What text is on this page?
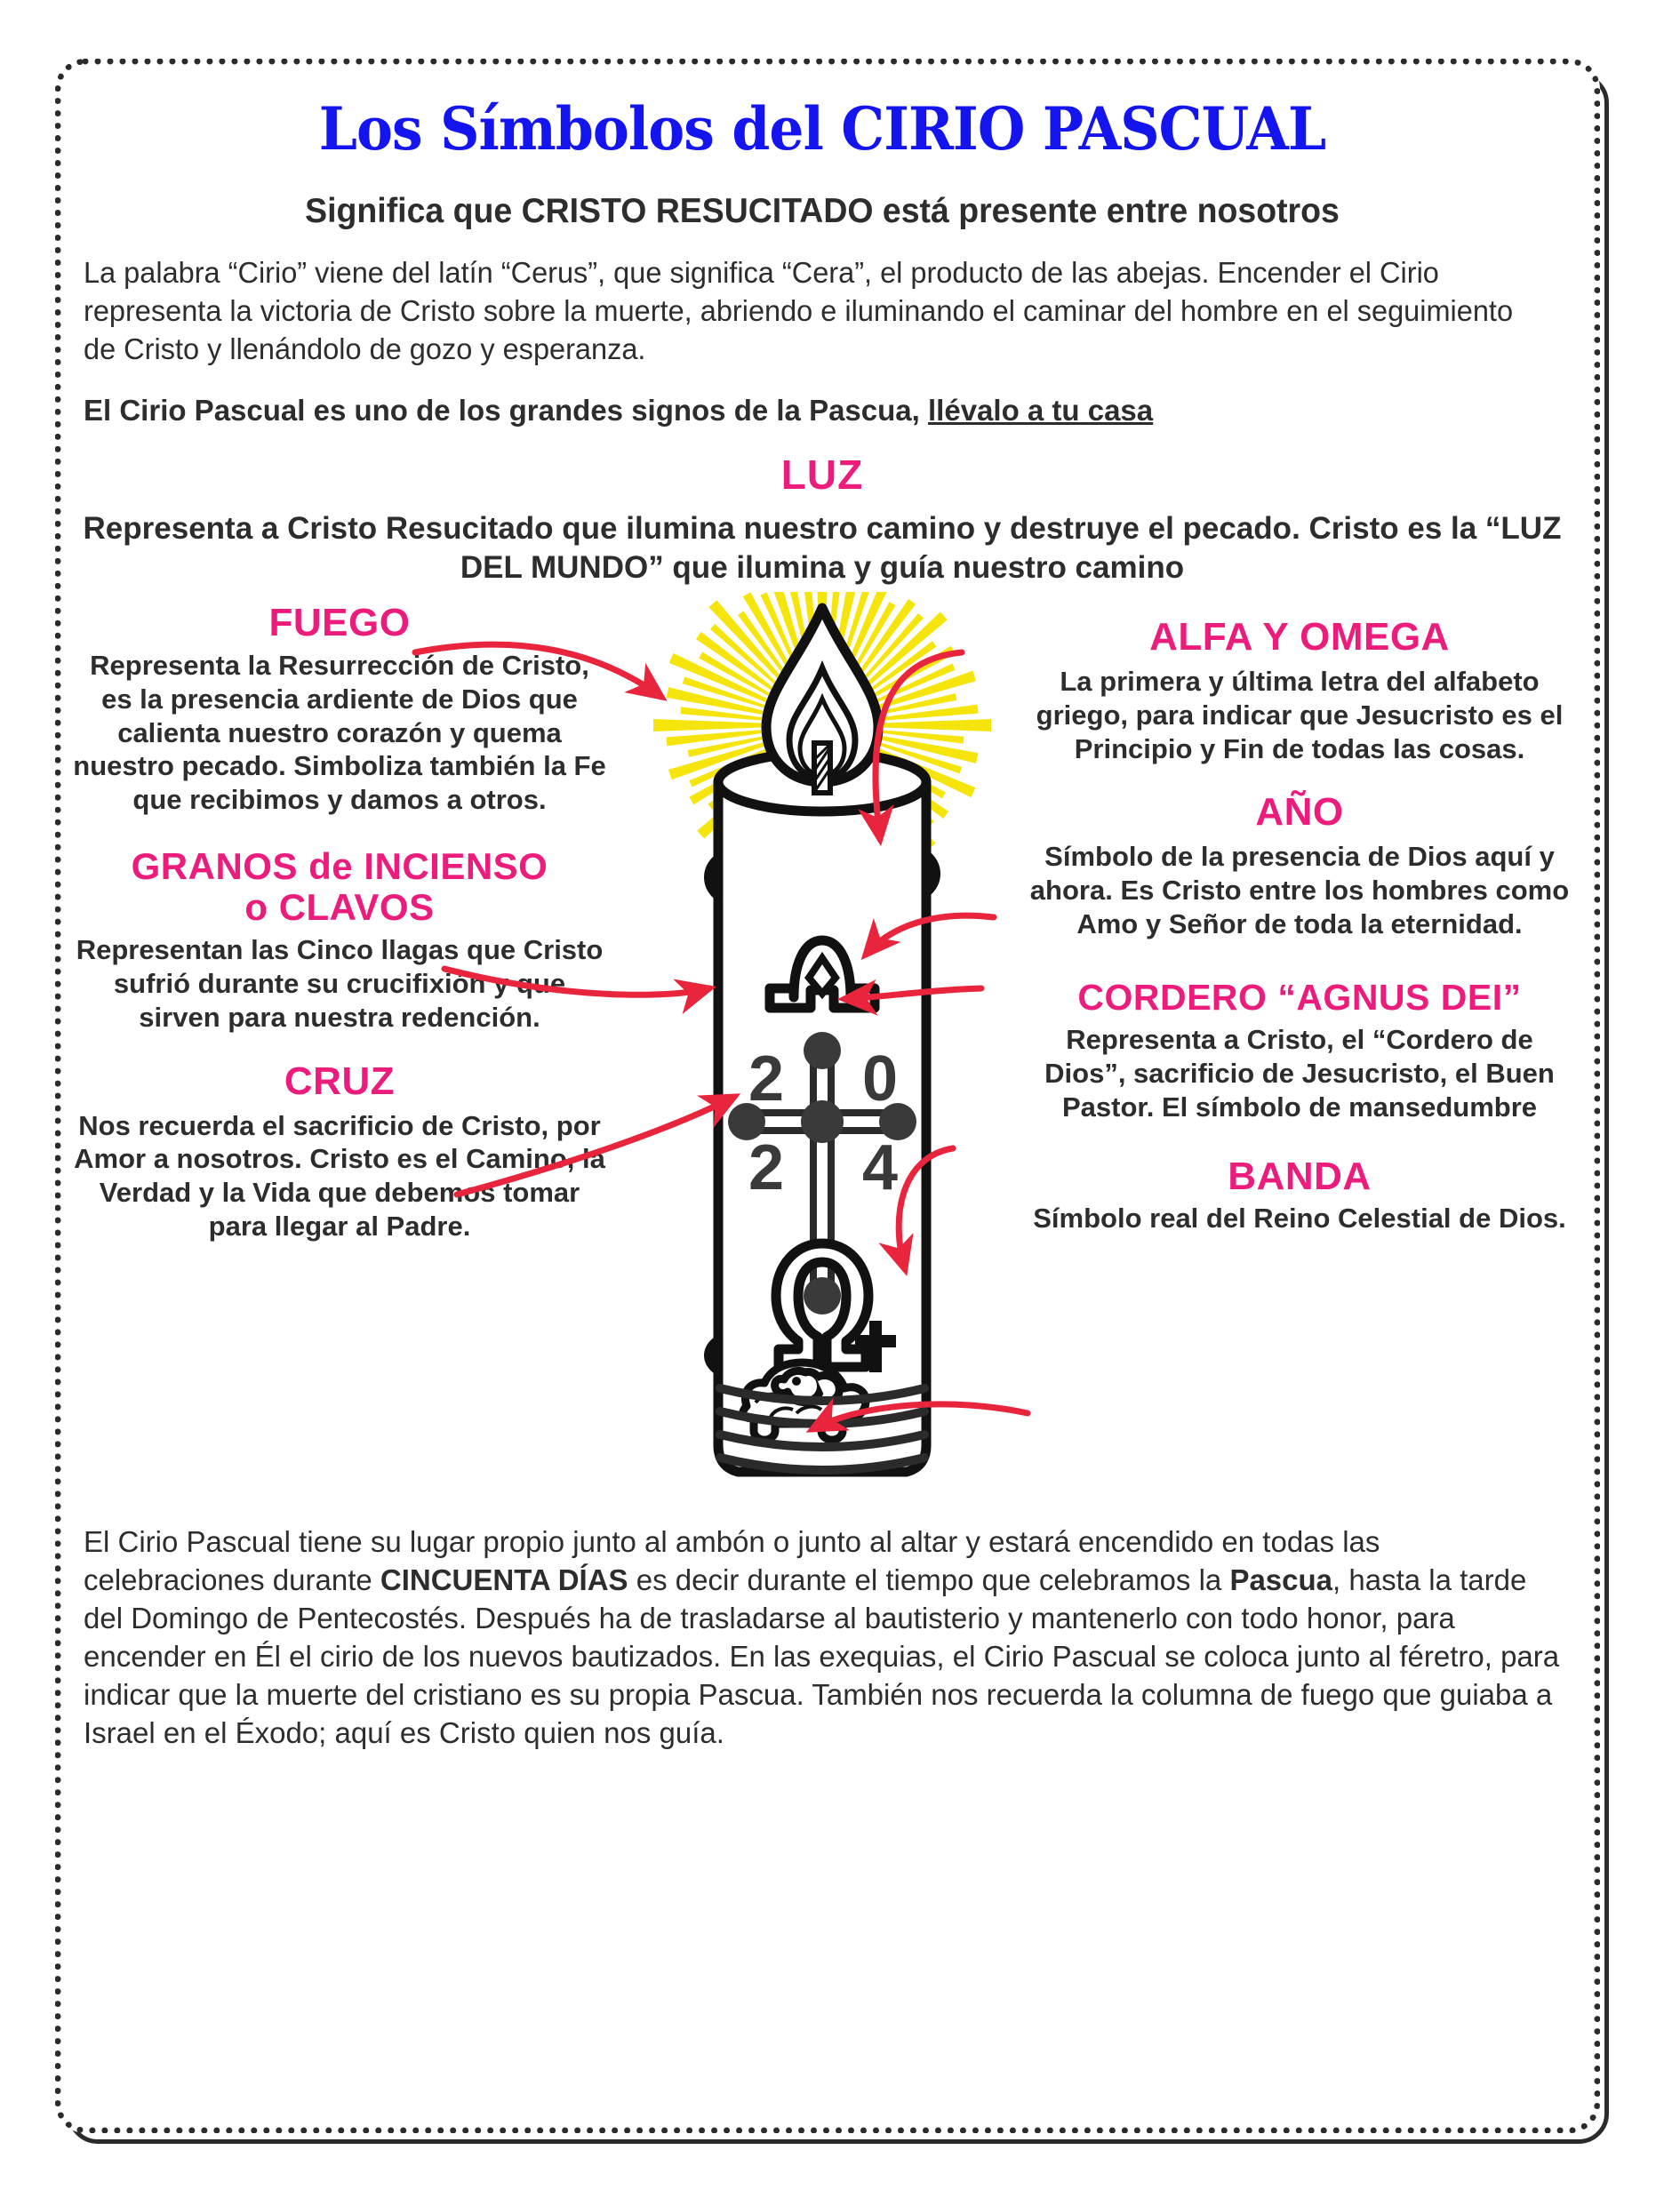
Los Símbolos del CIRIO PASCUAL
Significa que CRISTO RESUCITADO está presente entre nosotros
La palabra “Cirio” viene del latín “Cerus”, que significa “Cera”, el producto de las abejas. Encender el Cirio representa la victoria de Cristo sobre la muerte, abriendo e iluminando el caminar del hombre en el seguimiento de Cristo y llenándolo de gozo y esperanza.
El Cirio Pascual es uno de los grandes signos de la Pascua, llévalo a tu casa
LUZ
Representa a Cristo Resucitado que ilumina nuestro camino y destruye el pecado. Cristo es la “LUZ DEL MUNDO” que ilumina y guía nuestro camino
FUEGO
Representa la Resurrección de Cristo, es la presencia ardiente de Dios que calienta nuestro corazón y quema nuestro pecado. Simboliza también la Fe que recibimos y damos a otros.
GRANOS de INCIENSO
o CLAVOS
Representan las Cinco llagas que Cristo sufrió durante su crucifixión y que sirven para nuestra redención.
CRUZ
Nos recuerda el sacrificio de Cristo, por Amor a nosotros. Cristo es el Camino, la Verdad y la Vida que debemos tomar para llegar al Padre.
ALFA Y OMEGA
La primera y última letra del alfabeto griego, para indicar que Jesucristo es el Principio y Fin de todas las cosas.
AÑO
Símbolo de la presencia de Dios aquí y ahora. Es Cristo entre los hombres como Amo y Señor de toda la eternidad.
CORDERO “AGNUS DEI”
Representa a Cristo, el “Cordero de Dios”, sacrificio de Jesucristo, el Buen Pastor. El símbolo de mansedumbre
BANDA
Símbolo real del Reino Celestial de Dios.
2 0
2 4
El Cirio Pascual tiene su lugar propio junto al ambón o junto al altar y estará encendido en todas las celebraciones durante CINCUENTA DÍAS es decir durante el tiempo que celebramos la Pascua, hasta la tarde del Domingo de Pentecostés. Después ha de trasladarse al bautisterio y mantenerlo con todo honor, para encender en Él el cirio de los nuevos bautizados. En las exequias, el Cirio Pascual se coloca junto al féretro, para indicar que la muerte del cristiano es su propia Pascua. También nos recuerda la columna de fuego que guiaba a Israel en el Éxodo; aquí es Cristo quien nos guía.
